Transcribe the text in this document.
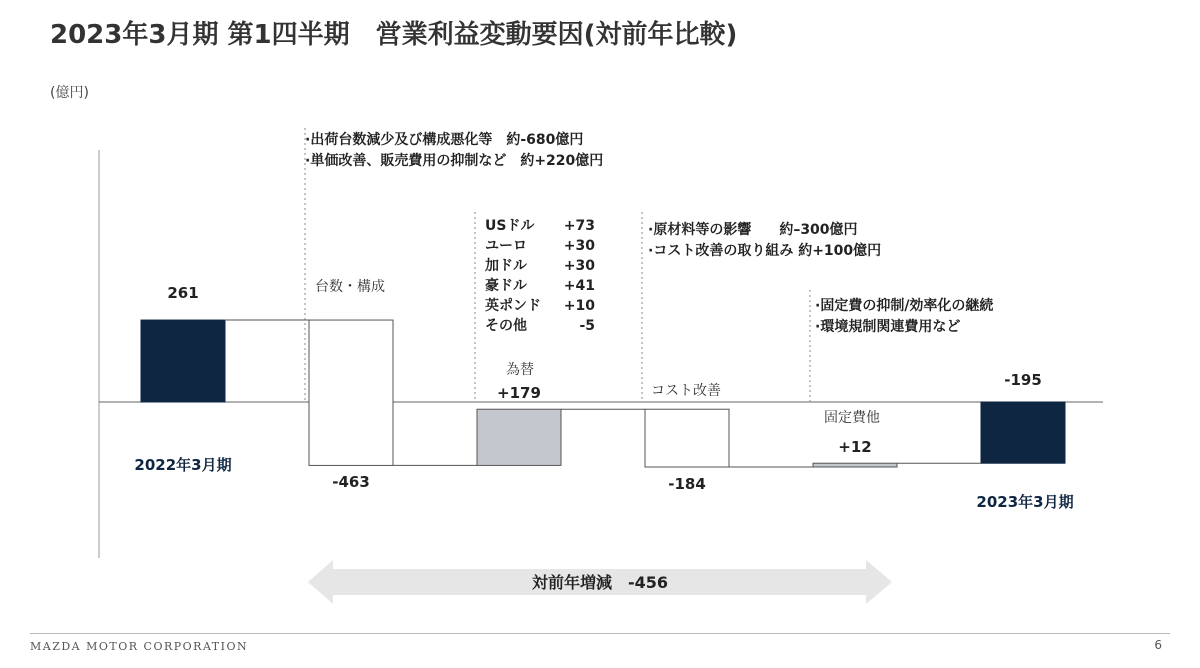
2023年3月期 第1四半期　営業利益変動要因(対前年比較)
(億円)
261
-463
+179
-184
+12
-195
2022年3月期
台数・構成
為替
コスト改善
固定費他
2023年3月期
対前年増減　-456
·出荷台数減少及び構成悪化等　約-680億円
·単価改善、販売費用の抑制など　約+220億円
USドル	+73
ユーロ	+30
加ドル	+30
豪ドル	+41
英ポンド	+10
その他	-5
·原材料等の影響　　約–300億円
·コスト改善の取り組み 約+100億円
·固定費の抑制/効率化の継続
·環境規制関連費用など
MAZDA MOTOR CORPORATION	6
